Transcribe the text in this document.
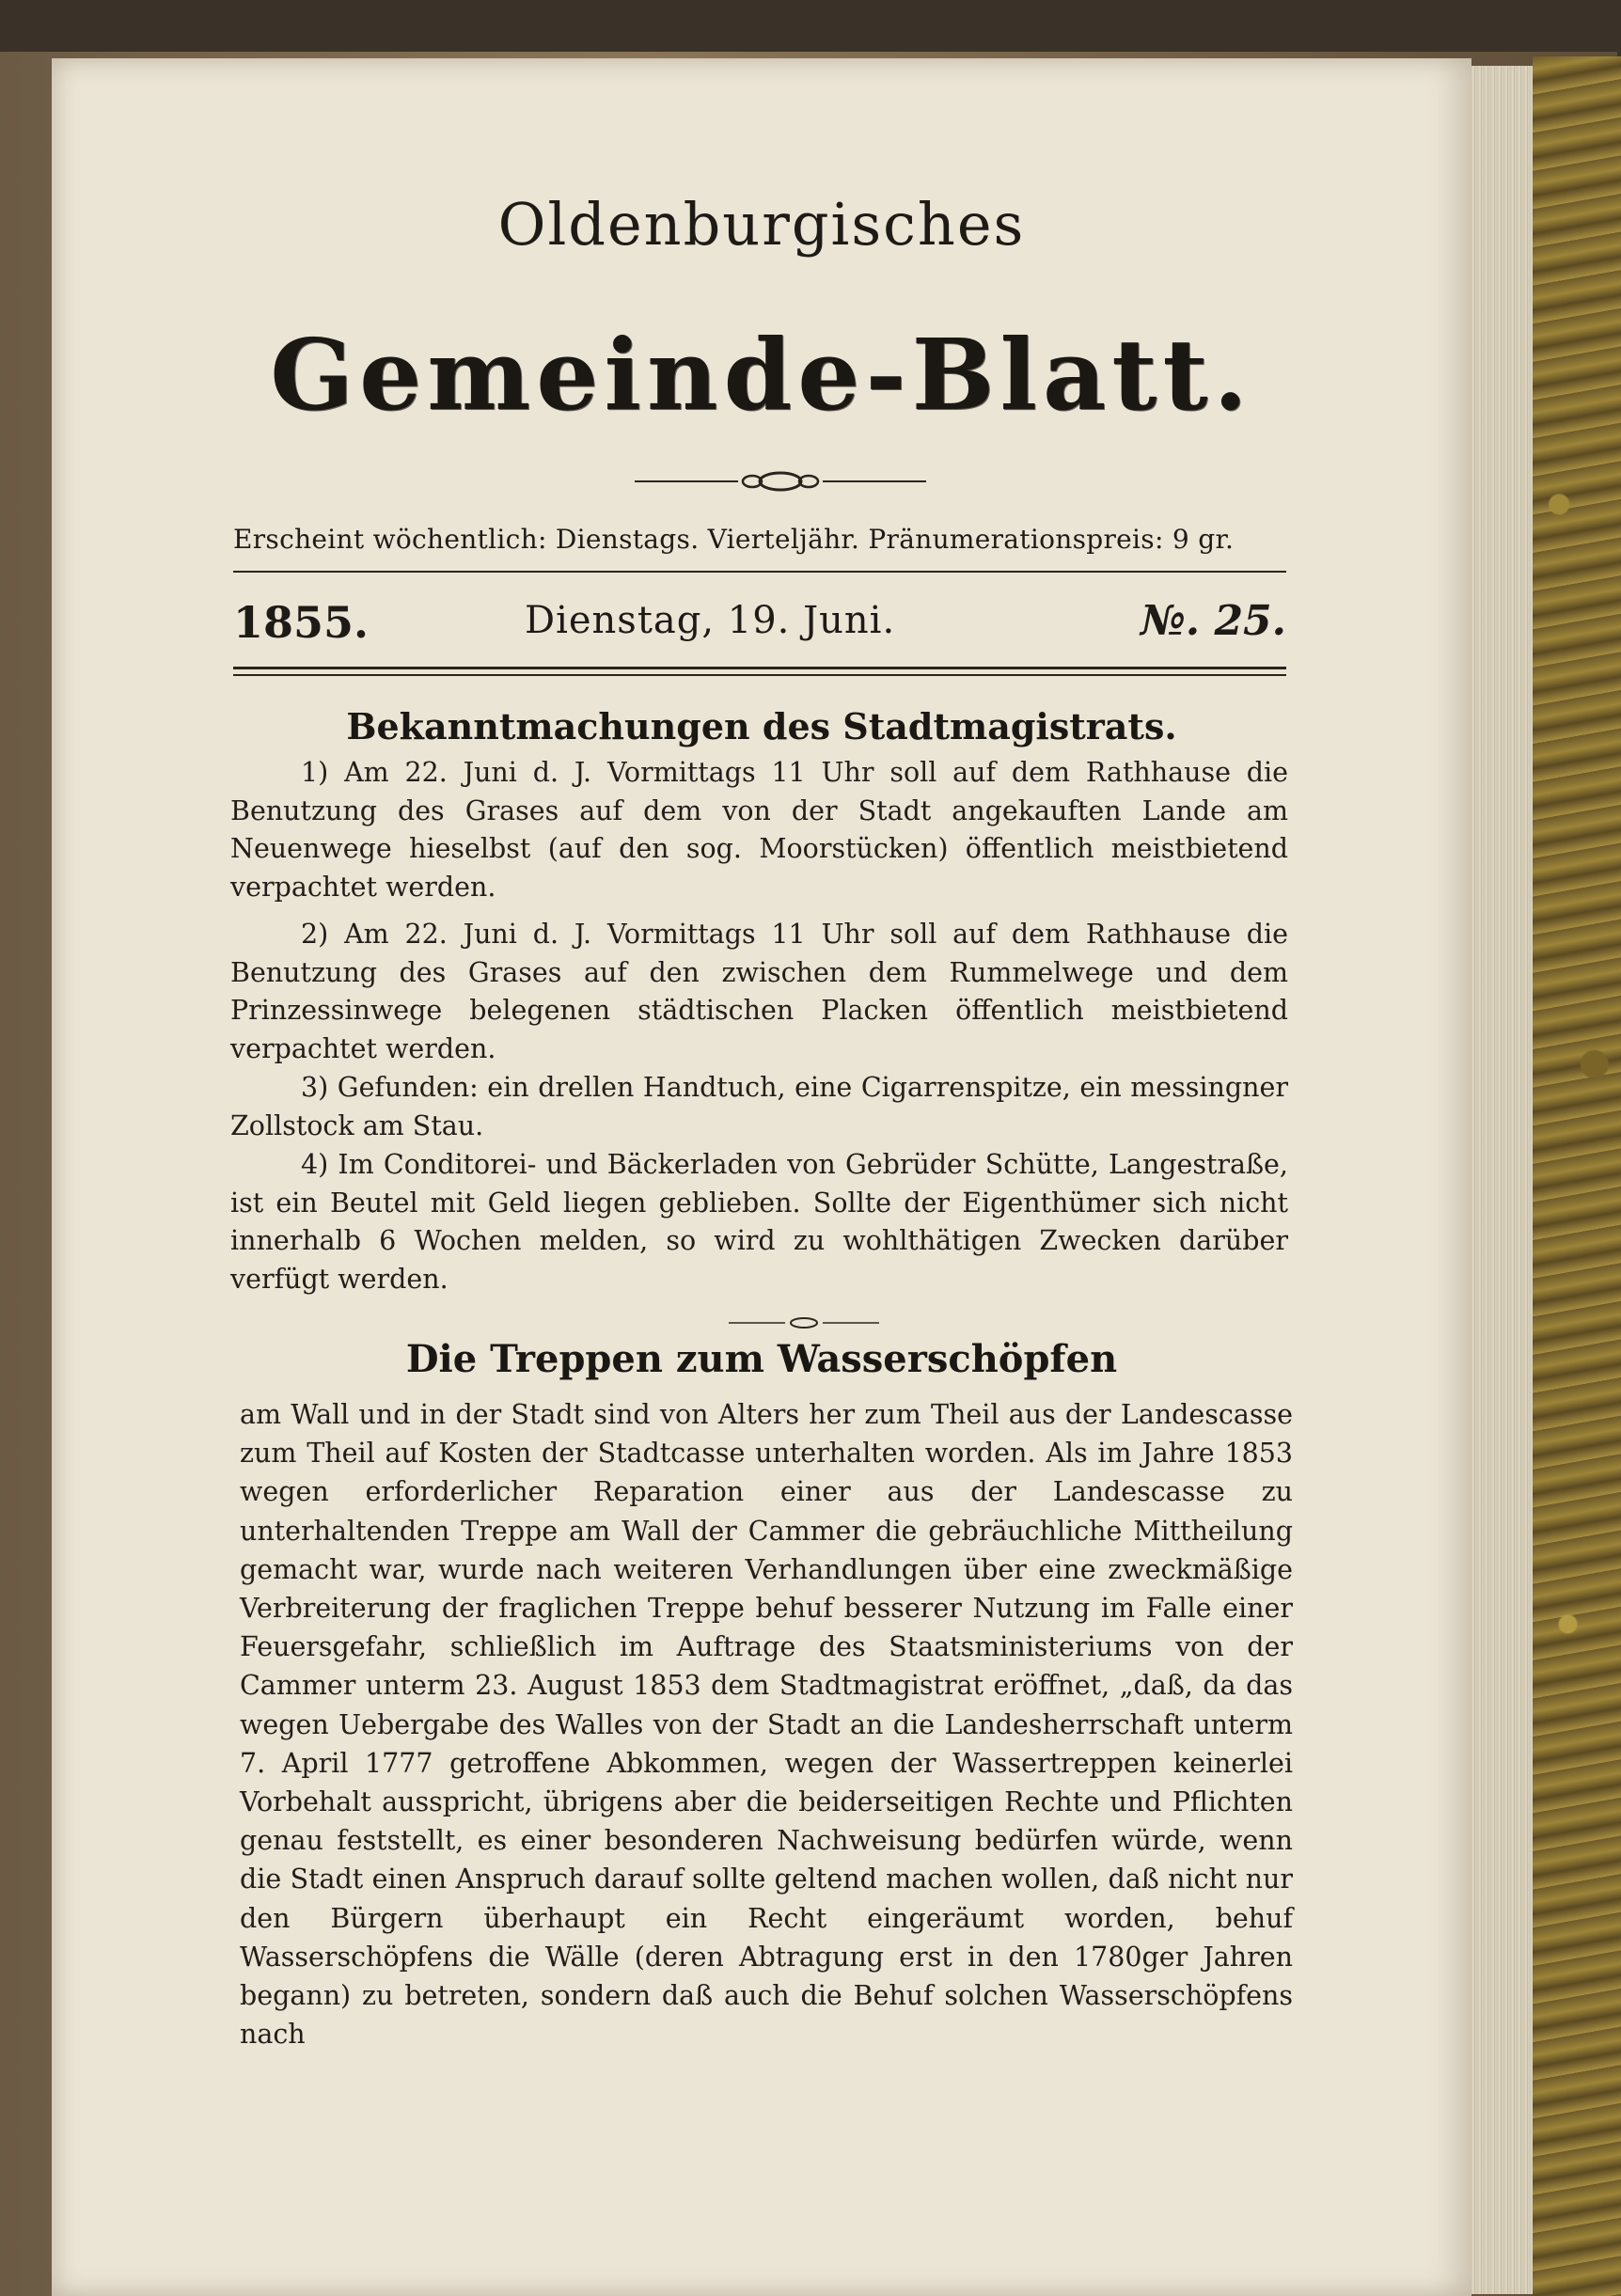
Oldenburgisches
Gemeinde-Blatt.
Erscheint wöchentlich: Dienstags. Vierteljähr. Pränumerationspreis: 9 gr.
1855.	Dienstag, 19. Juni.	№. 25.
Bekanntmachungen des Stadtmagistrats.

1) Am 22. Juni d. J. Vormittags 11 Uhr soll auf dem Rathhause die Benutzung des Grases auf dem von der Stadt angekauften Lande am Neuenwege hieselbst (auf den sog. Moorstücken) öffentlich meistbietend verpachtet werden.

2) Am 22. Juni d. J. Vormittags 11 Uhr soll auf dem Rathhause die Benutzung des Grases auf den zwischen dem Rummelwege und dem Prinzessinwege belegenen städtischen Placken öffentlich meistbietend verpachtet werden.

3) Gefunden: ein drellen Handtuch, eine Cigarrenspitze, ein messingner Zollstock am Stau.

4) Im Conditorei- und Bäckerladen von Gebrüder Schütte, Langestraße, ist ein Beutel mit Geld liegen geblieben. Sollte der Eigenthümer sich nicht innerhalb 6 Wochen melden, so wird zu wohlthätigen Zwecken darüber verfügt werden.

Die Treppen zum Wasserschöpfen

am Wall und in der Stadt sind von Alters her zum Theil aus der Landescasse zum Theil auf Kosten der Stadtcasse unterhalten worden. Als im Jahre 1853 wegen erforderlicher Reparation einer aus der Landescasse zu unterhaltenden Treppe am Wall der Cammer die gebräuchliche Mittheilung gemacht war, wurde nach weiteren Verhandlungen über eine zweckmäßige Verbreiterung der fraglichen Treppe behuf besserer Nutzung im Falle einer Feuersgefahr, schließlich im Auftrage des Staatsministeriums von der Cammer unterm 23. August 1853 dem Stadtmagistrat eröffnet, „daß, da das wegen Uebergabe des Walles von der Stadt an die Landesherrschaft unterm 7. April 1777 getroffene Abkommen, wegen der Wassertreppen keinerlei Vorbehalt ausspricht, übrigens aber die beiderseitigen Rechte und Pflichten genau feststellt, es einer besonderen Nachweisung bedürfen würde, wenn die Stadt einen Anspruch darauf sollte geltend machen wollen, daß nicht nur den Bürgern überhaupt ein Recht eingeräumt worden, behuf Wasserschöpfens die Wälle (deren Abtragung erst in den 1780ger Jahren begann) zu betreten, sondern daß auch die Behuf solchen Wasserschöpfens nach
